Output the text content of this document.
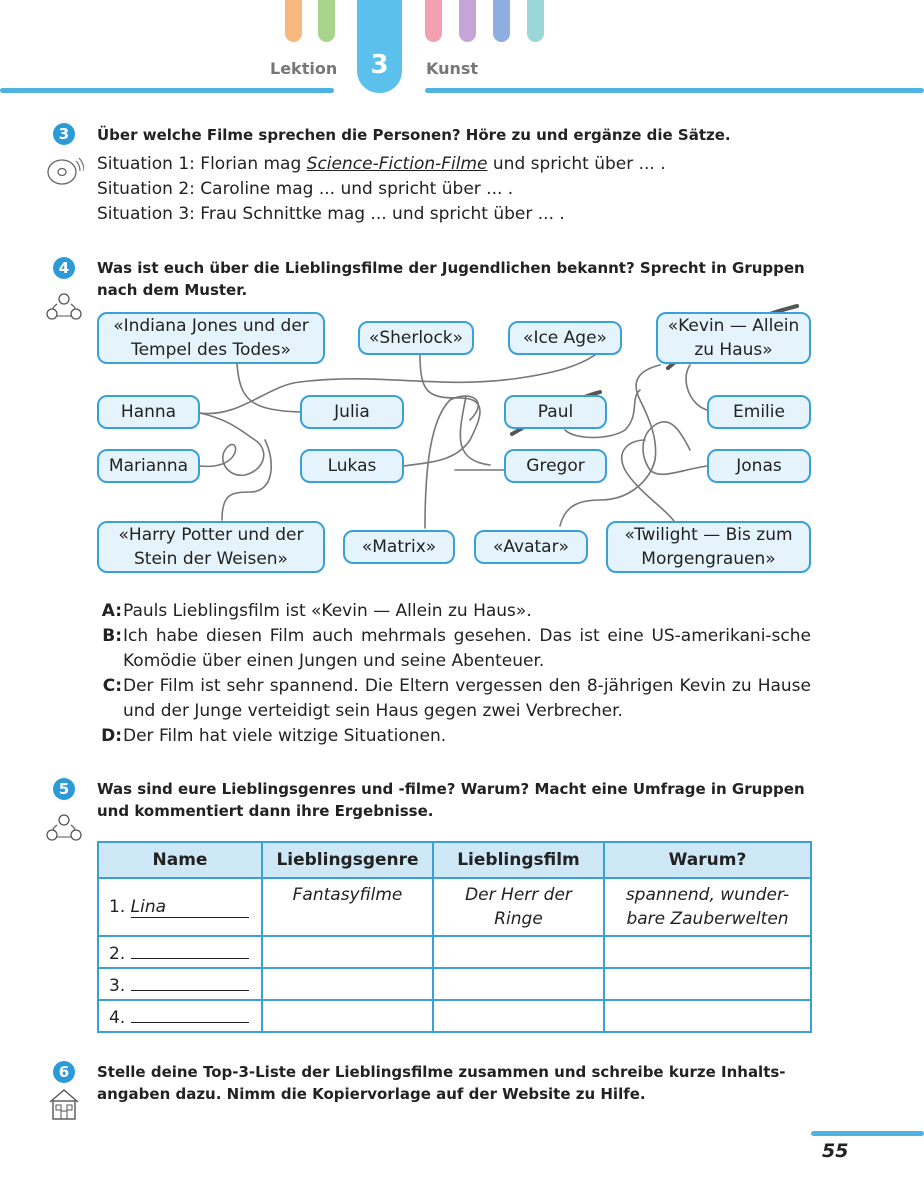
3
Lektion	Kunst
3	Über welche Filme sprechen die Personen? Höre zu und ergänze die Sätze.
Situation 1: Florian mag Science-Fiction-Filme und spricht über ... .
Situation 2: Caroline mag ... und spricht über ... .
Situation 3: Frau Schnittke mag ... und spricht über ... .
4	Was ist euch über die Lieblingsfilme der Jugendlichen bekannt? Sprecht in Gruppen nach dem Muster.
«Indiana Jones und der Tempel des Todes»
«Sherlock»	«Ice Age»
«Kevin — Allein zu Haus»
Hanna	Julia	Paul	Emilie
Marianna	Lukas	Gregor	Jonas
«Harry Potter und der Stein der Weisen»
«Matrix»	«Avatar»
«Twilight — Bis zum Morgengrauen»
A: Pauls Lieblingsfilm ist «Kevin — Allein zu Haus».
B: Ich habe diesen Film auch mehrmals gesehen. Das ist eine US-amerikani-sche Komödie über einen Jungen und seine Abenteuer.
C: Der Film ist sehr spannend. Die Eltern vergessen den 8-jährigen Kevin zu Hause und der Junge verteidigt sein Haus gegen zwei Verbrecher.
D: Der Film hat viele witzige Situationen.
5	Was sind eure Lieblingsgenres und -filme? Warum? Macht eine Umfrage in Gruppen und kommentiert dann ihre Ergebnisse.
Name	Lieblingsgenre	Lieblingsfilm	Warum?
1. Lina	Fantasyfilme	Der Herr der Ringe	spannend, wunder-bare Zauberwelten
2.			
3.			
4.			
6	Stelle deine Top-3-Liste der Lieblingsfilme zusammen und schreibe kurze Inhalts-angaben dazu. Nimm die Kopiervorlage auf der Website zu Hilfe.
55
